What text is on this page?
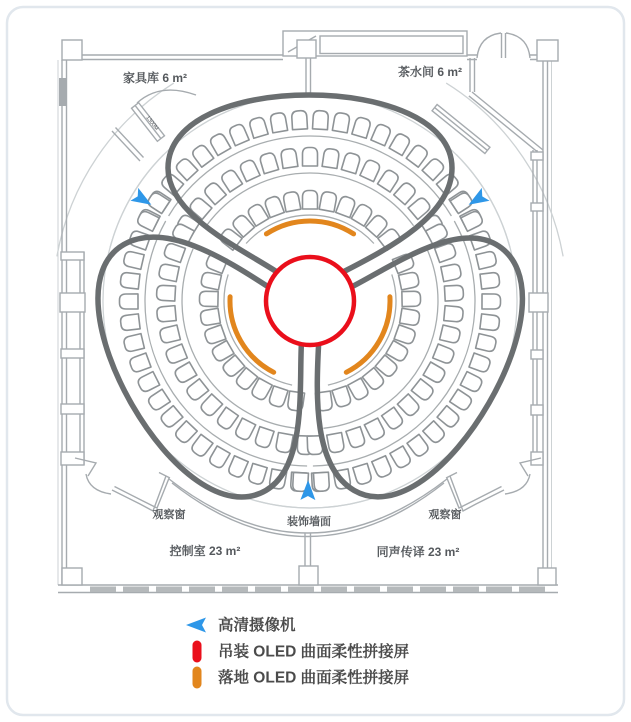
家具库 6 m²	茶水间 6 m²
观察窗	观察窗
装饰墙面
控制室 23 m²	同声传译 23 m²
1300M
高清摄像机
吊装 OLED 曲面柔性拼接屏
落地 OLED 曲面柔性拼接屏
